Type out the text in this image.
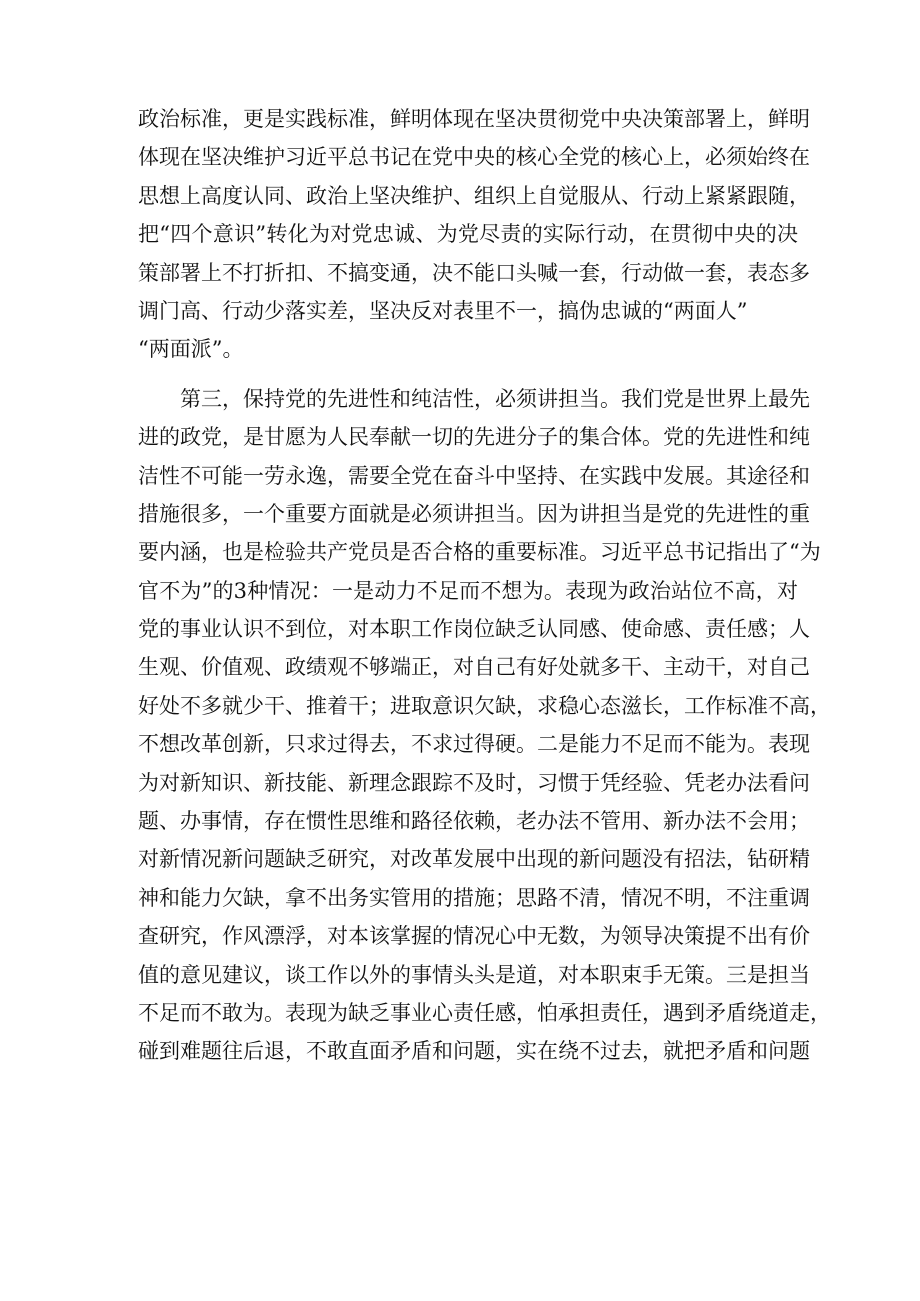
政治标准，更是实践标准，鲜明体现在坚决贯彻党中央决策部署上，鲜明
体现在坚决维护习近平总书记在党中央的核心全党的核心上，必须始终在
思想上高度认同、政治上坚决维护、组织上自觉服从、行动上紧紧跟随，
把“四个意识”转化为对党忠诚、为党尽责的实际行动，在贯彻中央的决
策部署上不打折扣、不搞变通，决不能口头喊一套，行动做一套，表态多
调门高、行动少落实差，坚决反对表里不一，搞伪忠诚的“两面人”
“两面派”。
第三，保持党的先进性和纯洁性，必须讲担当。我们党是世界上最先
进的政党，是甘愿为人民奉献一切的先进分子的集合体。党的先进性和纯
洁性不可能一劳永逸，需要全党在奋斗中坚持、在实践中发展。其途径和
措施很多，一个重要方面就是必须讲担当。因为讲担当是党的先进性的重
要内涵，也是检验共产党员是否合格的重要标准。习近平总书记指出了“为
官不为”的3种情况：一是动力不足而不想为。表现为政治站位不高，对
党的事业认识不到位，对本职工作岗位缺乏认同感、使命感、责任感；人
生观、价值观、政绩观不够端正，对自己有好处就多干、主动干，对自己
好处不多就少干、推着干；进取意识欠缺，求稳心态滋长，工作标准不高，
不想改革创新，只求过得去，不求过得硬。二是能力不足而不能为。表现
为对新知识、新技能、新理念跟踪不及时，习惯于凭经验、凭老办法看问
题、办事情，存在惯性思维和路径依赖，老办法不管用、新办法不会用；
对新情况新问题缺乏研究，对改革发展中出现的新问题没有招法，钻研精
神和能力欠缺，拿不出务实管用的措施；思路不清，情况不明，不注重调
查研究，作风漂浮，对本该掌握的情况心中无数，为领导决策提不出有价
值的意见建议，谈工作以外的事情头头是道，对本职束手无策。三是担当
不足而不敢为。表现为缺乏事业心责任感，怕承担责任，遇到矛盾绕道走，
碰到难题往后退，不敢直面矛盾和问题，实在绕不过去，就把矛盾和问题
